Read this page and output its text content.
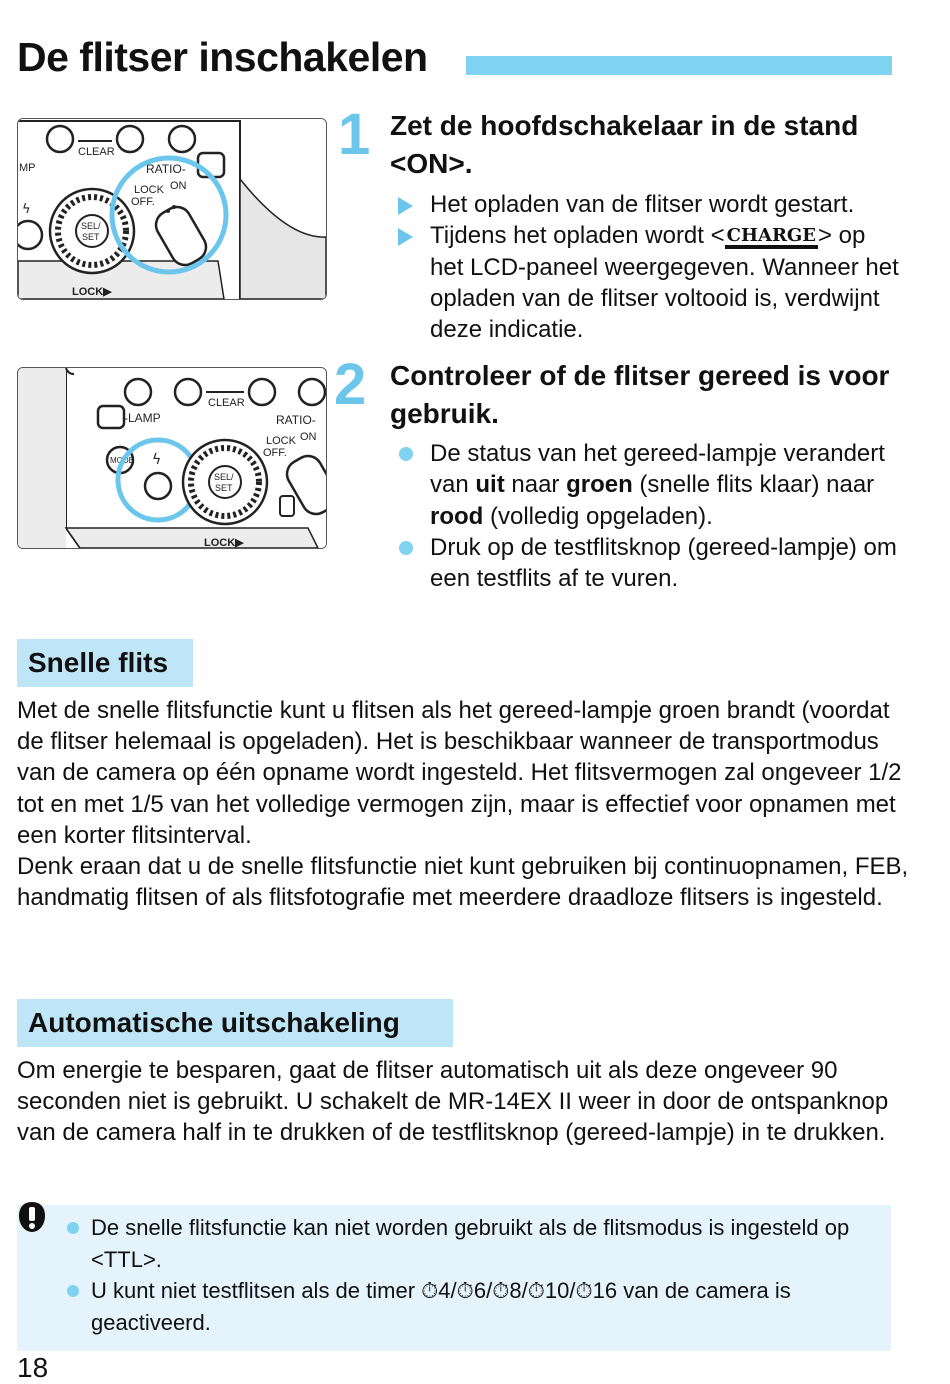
De flitser inschakelen
CLEAR
MP	RATIO-
ϟ
SEL/
SET
LOCK ON
OFF.
LOCK▶
1 Zet de hoofdschakelaar in de stand <ON>.
Het opladen van de flitser wordt gestart.
Tijdens het opladen wordt < CHARGE> op het LCD-paneel weergegeven. Wanneer het opladen van de flitser voltooid is, verdwijnt deze indicatie.
CLEAR
-LAMP	RATIO-
MODE ϟ
SEL/
SET
LOCK ON
OFF.
LOCK▶
2 Controleer of de flitser gereed is voor gebruik.
De status van het gereed-lampje verandert van uit naar groen (snelle flits klaar) naar rood (volledig opgeladen).
Druk op de testflitsknop (gereed-lampje) om een testflits af te vuren.
Snelle flits
Met de snelle flitsfunctie kunt u flitsen als het gereed-lampje groen brandt (voordat de flitser helemaal is opgeladen). Het is beschikbaar wanneer de transportmodus van de camera op één opname wordt ingesteld. Het flitsvermogen zal ongeveer 1/2 tot en met 1/5 van het volledige vermogen zijn, maar is effectief voor opnamen met een korter flitsinterval.
Denk eraan dat u de snelle flitsfunctie niet kunt gebruiken bij continuopnamen, FEB, handmatig flitsen of als flitsfotografie met meerdere draadloze flitsers is ingesteld.
Automatische uitschakeling

Om energie te besparen, gaat de flitser automatisch uit als deze ongeveer 90 seconden niet is gebruikt. U schakelt de MR-14EX II weer in door de ontspanknop van de camera half in te drukken of de testflitsknop (gereed-lampje) in te drukken.

De snelle flitsfunctie kan niet worden gebruikt als de flitsmodus is ingesteld op <TTL>.
U kunt niet testflitsen als de timer ⏱4/⏱6/⏱8/⏱10/⏱16 van de camera is geactiveerd.
18
